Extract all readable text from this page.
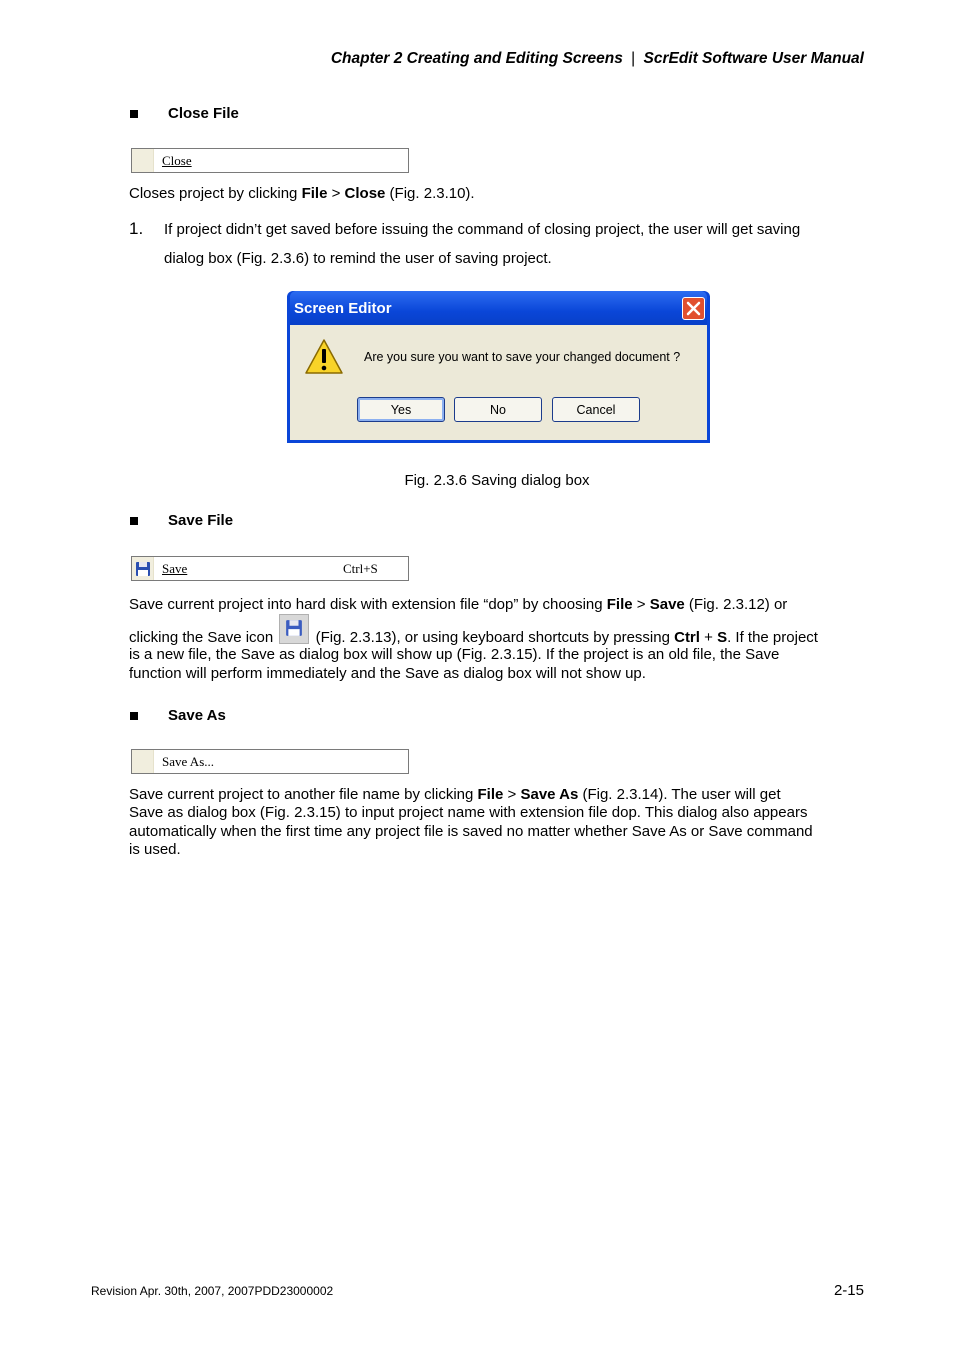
Chapter 2 Creating and Editing Screens | ScrEdit Software User Manual
Close File
Close
Closes project by clicking File > Close (Fig. 2.3.10).
1. If project didn’t get saved before issuing the command of closing project, the user will get saving
dialog box (Fig. 2.3.6) to remind the user of saving project.
Screen Editor
Are you sure you want to save your changed document ?
Yes	No	Cancel
Fig. 2.3.6 Saving dialog box
Save File
Save	Ctrl+S
Save current project into hard disk with extension file “dop” by choosing File > Save (Fig. 2.3.12) or
clicking the Save icon
(Fig. 2.3.13), or using keyboard shortcuts by pressing Ctrl + S. If the project
is a new file, the Save as dialog box will show up (Fig. 2.3.15). If the project is an old file, the Save
function will perform immediately and the Save as dialog box will not show up.
Save As
Save As...
Save current project to another file name by clicking File > Save As (Fig. 2.3.14). The user will get
Save as dialog box (Fig. 2.3.15) to input project name with extension file dop. This dialog also appears
automatically when the first time any project file is saved no matter whether Save As or Save command
is used.
Revision Apr. 30th, 2007, 2007PDD23000002	2-15
